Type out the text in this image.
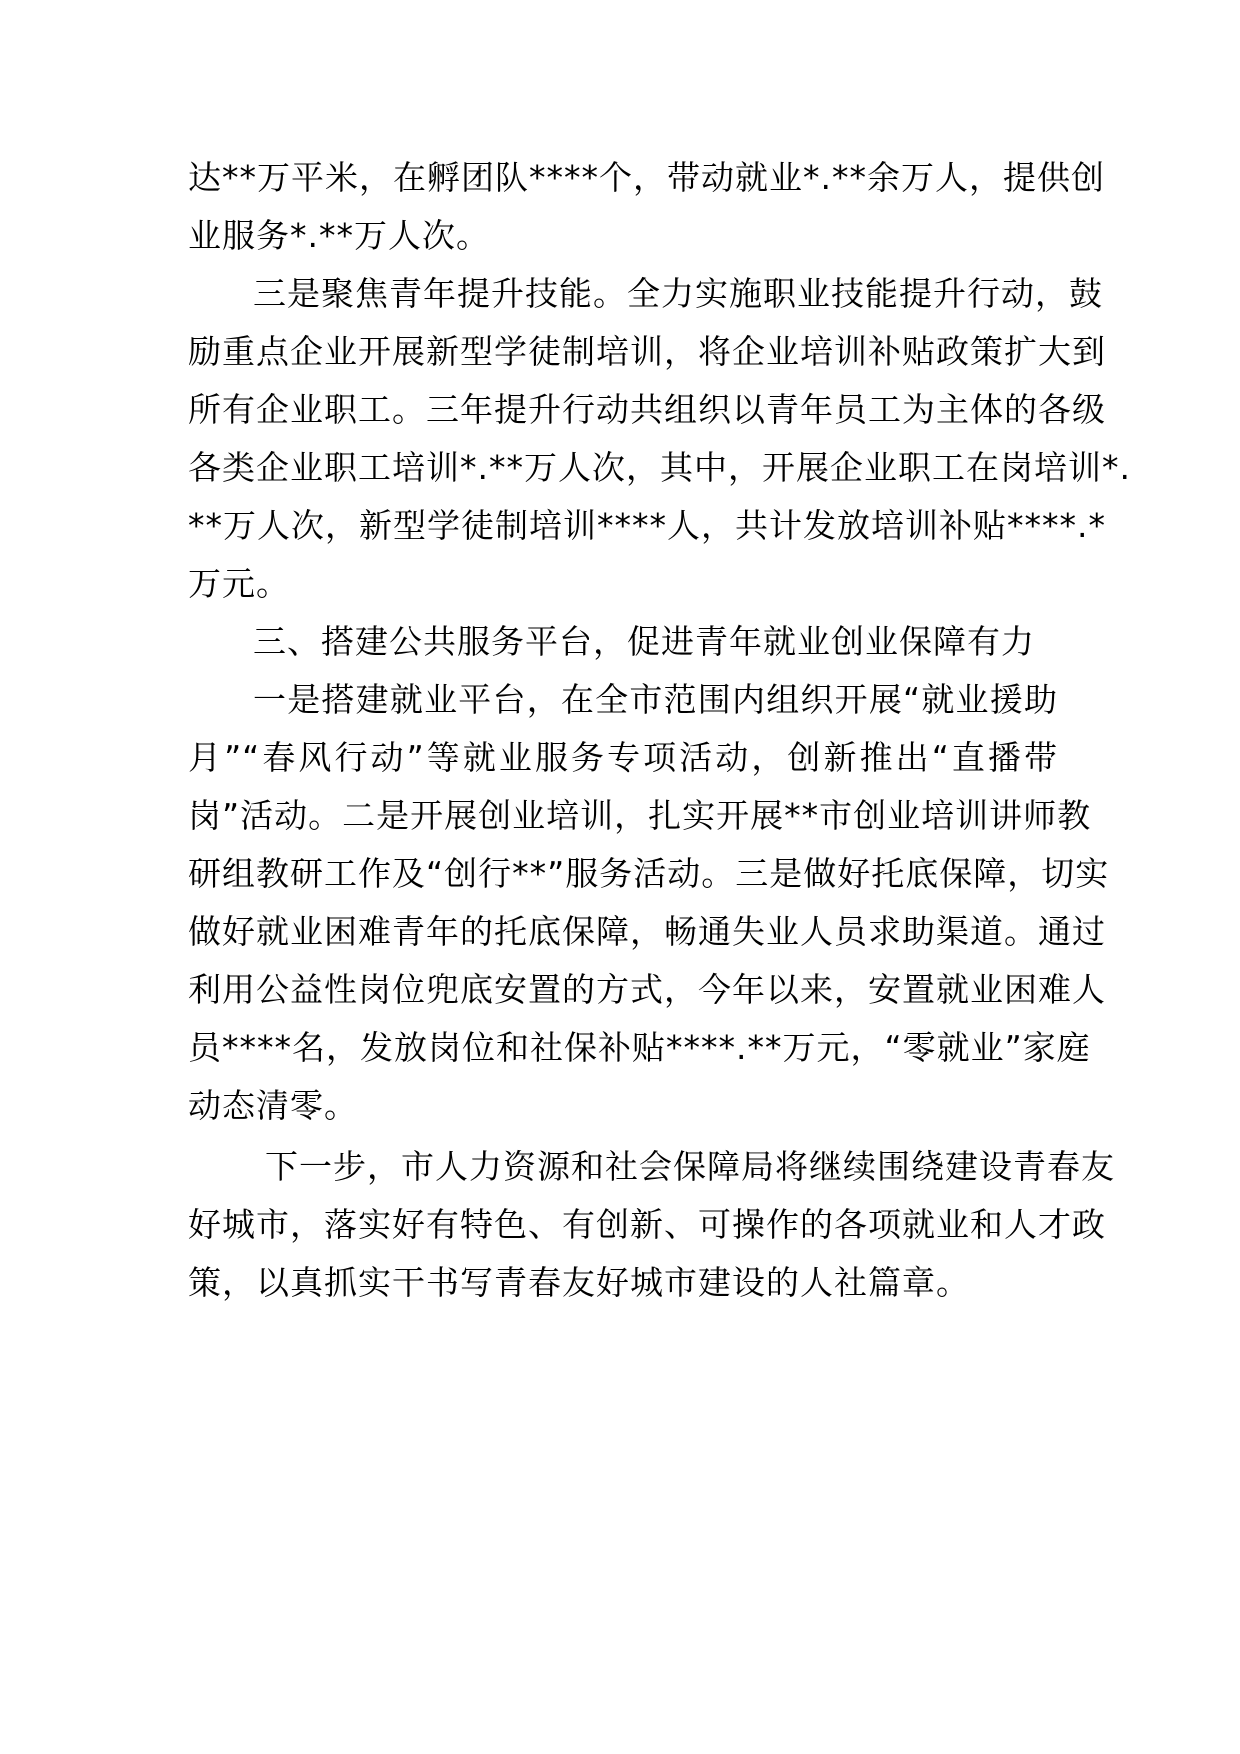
达**万平米，在孵团队****个，带动就业*.**余万人，提供创
业服务*.**万人次。
三是聚焦青年提升技能。全力实施职业技能提升行动，鼓
励重点企业开展新型学徒制培训，将企业培训补贴政策扩大到
所有企业职工。三年提升行动共组织以青年员工为主体的各级
各类企业职工培训*.**万人次，其中，开展企业职工在岗培训*.
**万人次，新型学徒制培训****人，共计发放培训补贴****.*
万元。
三、搭建公共服务平台，促进青年就业创业保障有力
一是搭建就业平台，在全市范围内组织开展“就业援助
月”“春风行动”等就业服务专项活动，创新推出“直播带
岗”活动。二是开展创业培训，扎实开展**市创业培训讲师教
研组教研工作及“创行**”服务活动。三是做好托底保障，切实
做好就业困难青年的托底保障，畅通失业人员求助渠道。通过
利用公益性岗位兜底安置的方式，今年以来，安置就业困难人
员****名，发放岗位和社保补贴****.**万元，“零就业”家庭
动态清零。
下一步，市人力资源和社会保障局将继续围绕建设青春友
好城市，落实好有特色、有创新、可操作的各项就业和人才政
策，以真抓实干书写青春友好城市建设的人社篇章。
